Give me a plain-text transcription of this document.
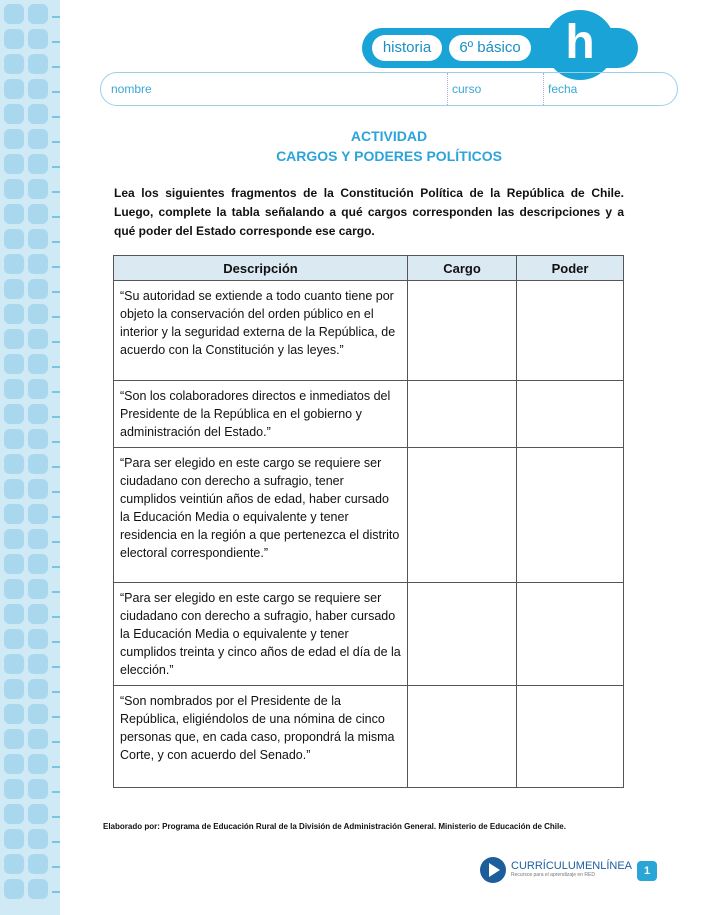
historia	6º básico h
nombre	curso	fecha
ACTIVIDAD
CARGOS Y PODERES POLÍTICOS
Lea los siguientes fragmentos de la Constitución Política de la República de Chile. Luego, complete la tabla señalando a qué cargos corresponden las descripciones y a qué poder del Estado corresponde ese cargo.
Descripción	Cargo	Poder
“Su autoridad se extiende a todo cuanto tiene por objeto la conservación del orden público en el interior y la seguridad externa de la República, de acuerdo con la Constitución y las leyes.”		
“Son los colaboradores directos e inmediatos del Presidente de la República en el gobierno y administración del Estado.”		
“Para ser elegido en este cargo se requiere ser ciudadano con derecho a sufragio, tener cumplidos veintiún años de edad, haber cursado la Educación Media o equivalente y tener residencia en la región a que pertenezca el distrito electoral correspondiente.”		
“Para ser elegido en este cargo se requiere ser ciudadano con derecho a sufragio, haber cursado la Educación Media o equivalente y tener cumplidos treinta y cinco años de edad el día de la elección.”		
“Son nombrados por el Presidente de la República, eligiéndolos de una nómina de cinco personas que, en cada caso, propondrá la misma Corte, y con acuerdo del Senado.”		
Elaborado por: Programa de Educación Rural de la División de Administración General. Ministerio de Educación de Chile.
CURRÍCULUMENLÍNEA
Recursos para el aprendizaje en RED	1
